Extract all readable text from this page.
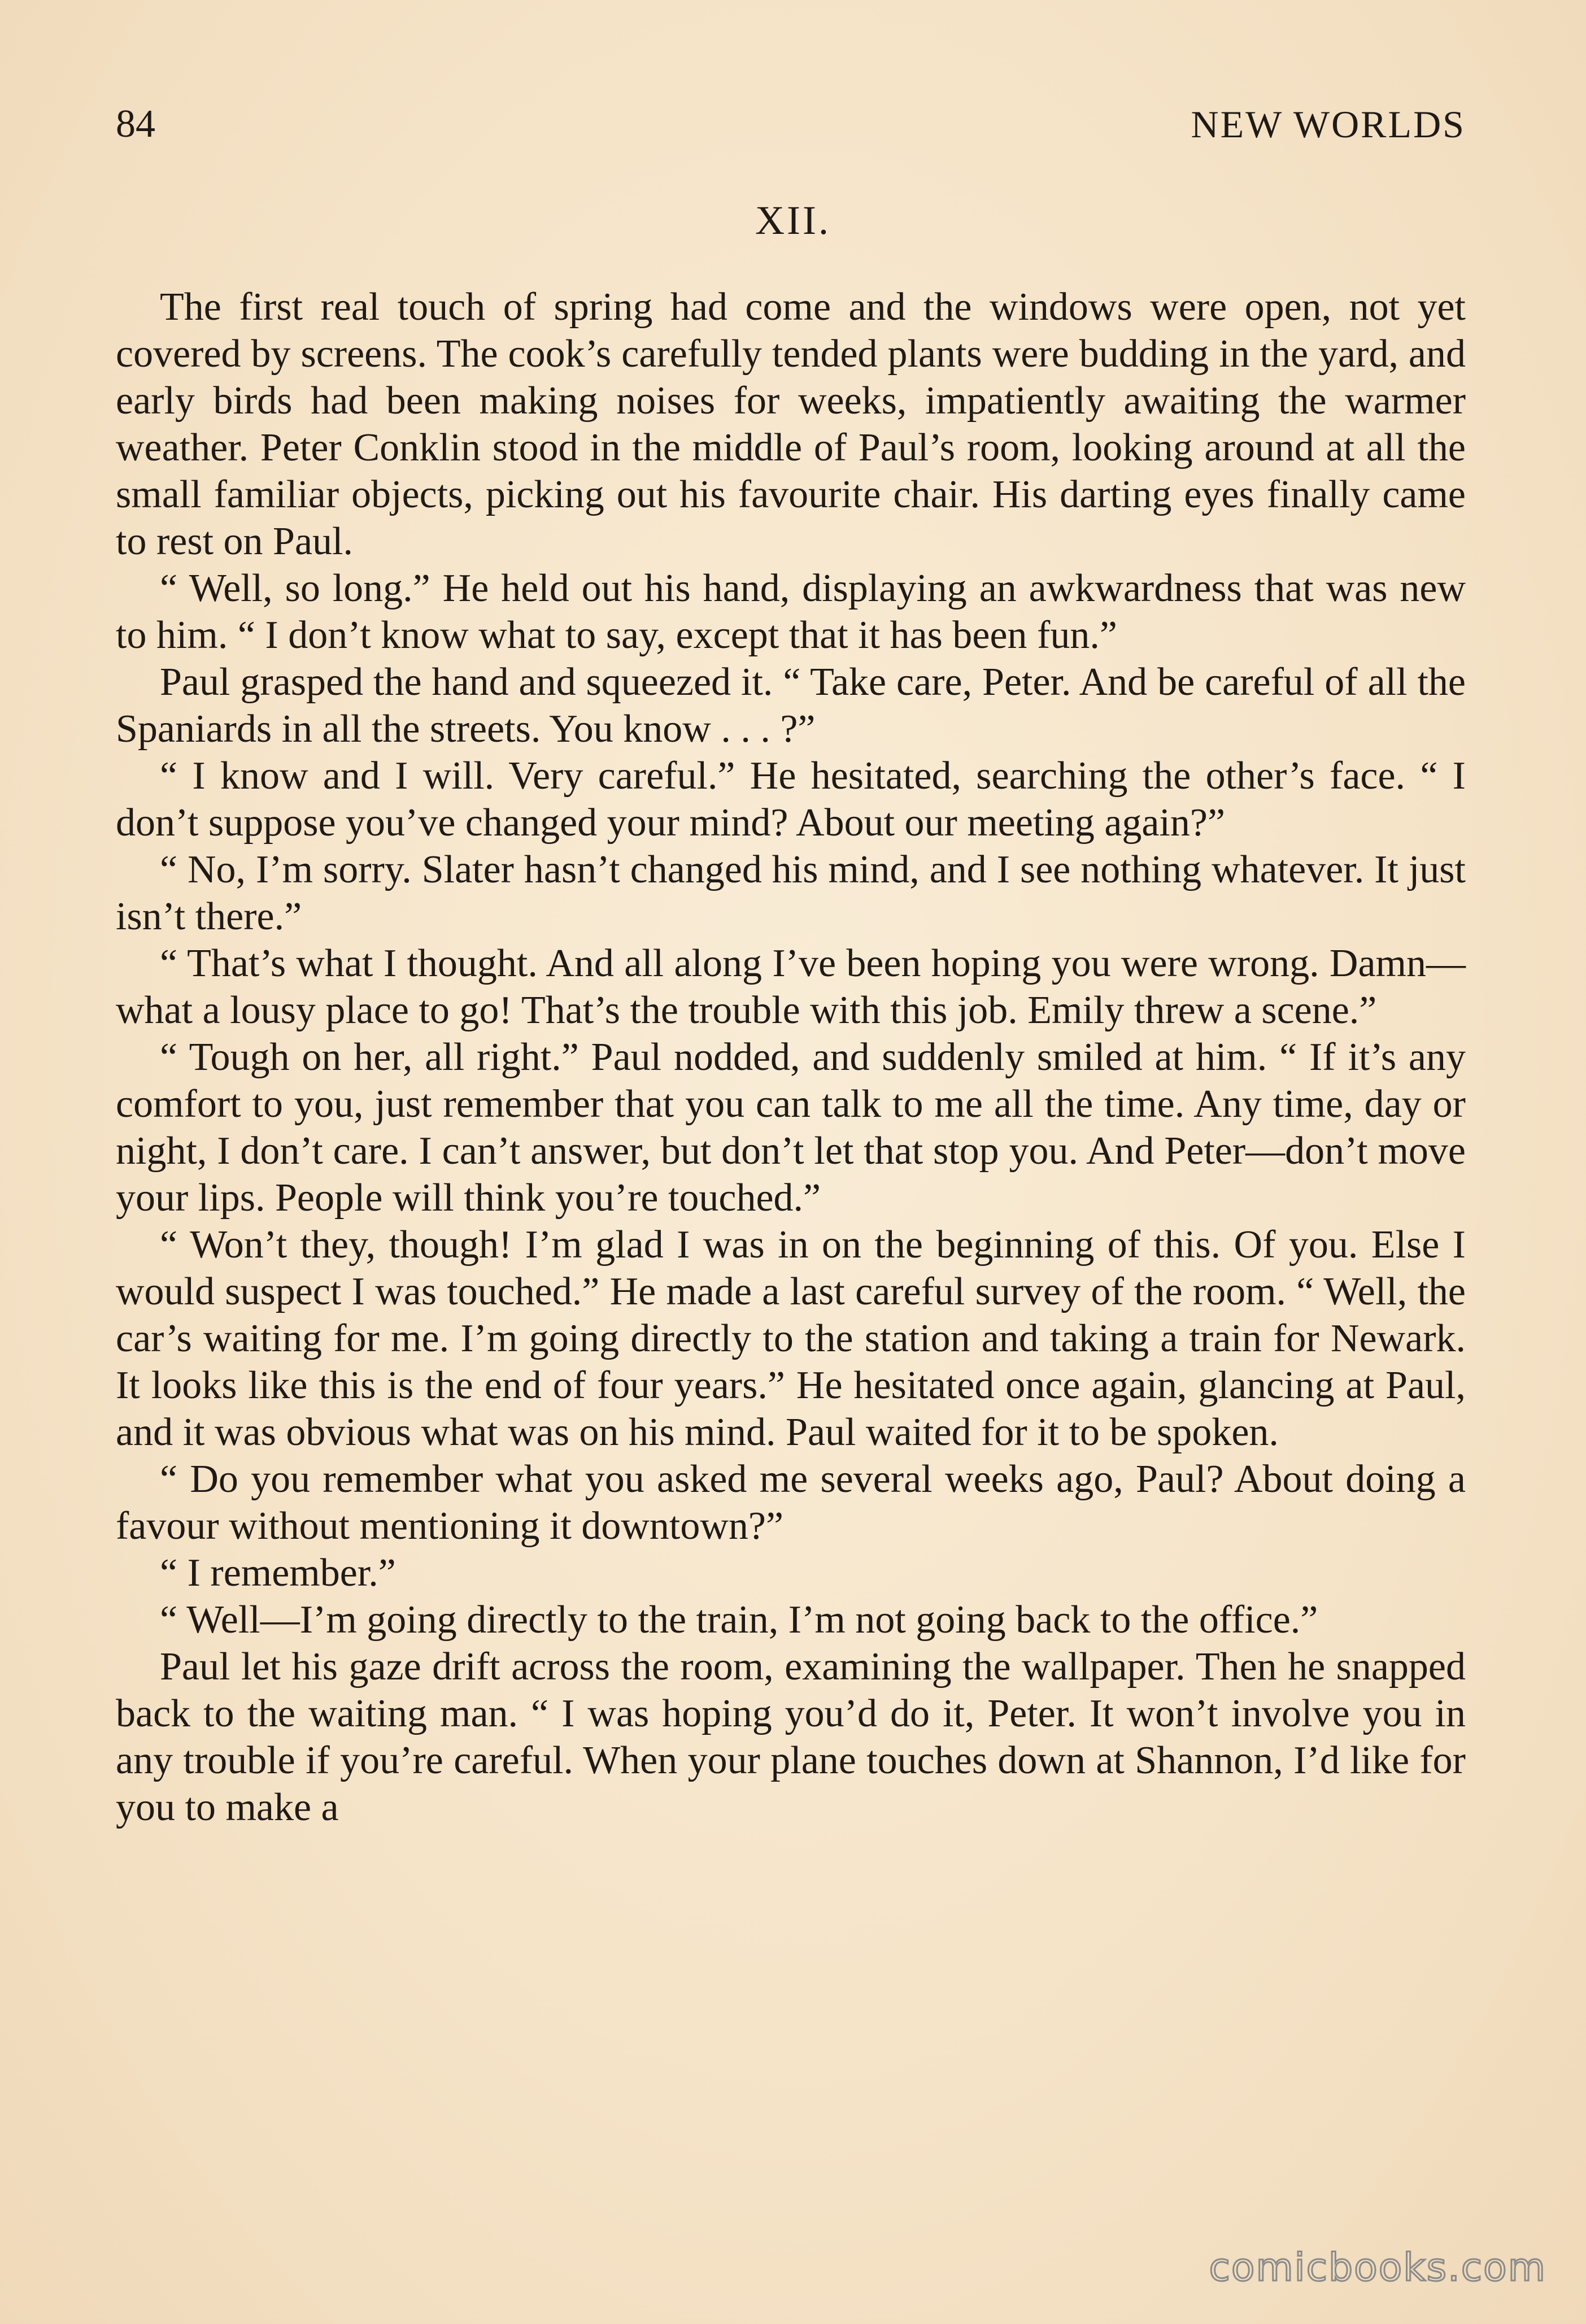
84	NEW WORLDS
XII.

The first real touch of spring had come and the windows were open, not yet covered by screens. The cook’s carefully tended plants were budding in the yard, and early birds had been making noises for weeks, impatiently awaiting the warmer weather. Peter Conklin stood in the middle of Paul’s room, looking around at all the small familiar objects, picking out his favourite chair. His darting eyes finally came to rest on Paul.

“ Well, so long.” He held out his hand, displaying an awkwardness that was new to him. “ I don’t know what to say, except that it has been fun.”

Paul grasped the hand and squeezed it. “ Take care, Peter. And be careful of all the Spaniards in all the streets. You know . . . ?”

“ I know and I will. Very careful.” He hesitated, searching the other’s face. “ I don’t suppose you’ve changed your mind? About our meeting again?”

“ No, I’m sorry. Slater hasn’t changed his mind, and I see nothing whatever. It just isn’t there.”

“ That’s what I thought. And all along I’ve been hoping you were wrong. Damn—what a lousy place to go! That’s the trouble with this job. Emily threw a scene.”

“ Tough on her, all right.” Paul nodded, and suddenly smiled at him. “ If it’s any comfort to you, just remember that you can talk to me all the time. Any time, day or night, I don’t care. I can’t answer, but don’t let that stop you. And Peter—don’t move your lips. People will think you’re touched.”

“ Won’t they, though! I’m glad I was in on the beginning of this. Of you. Else I would suspect I was touched.” He made a last careful survey of the room. “ Well, the car’s waiting for me. I’m going directly to the station and taking a train for Newark. It looks like this is the end of four years.” He hesitated once again, glancing at Paul, and it was obvious what was on his mind. Paul waited for it to be spoken.

“ Do you remember what you asked me several weeks ago, Paul? About doing a favour without mentioning it downtown?”

“ I remember.”

“ Well—I’m going directly to the train, I’m not going back to the office.”

Paul let his gaze drift across the room, examining the wallpaper. Then he snapped back to the waiting man. “ I was hoping you’d do it, Peter. It won’t involve you in any trouble if you’re careful. When your plane touches down at Shannon, I’d like for you to make a

comicbooks.com
